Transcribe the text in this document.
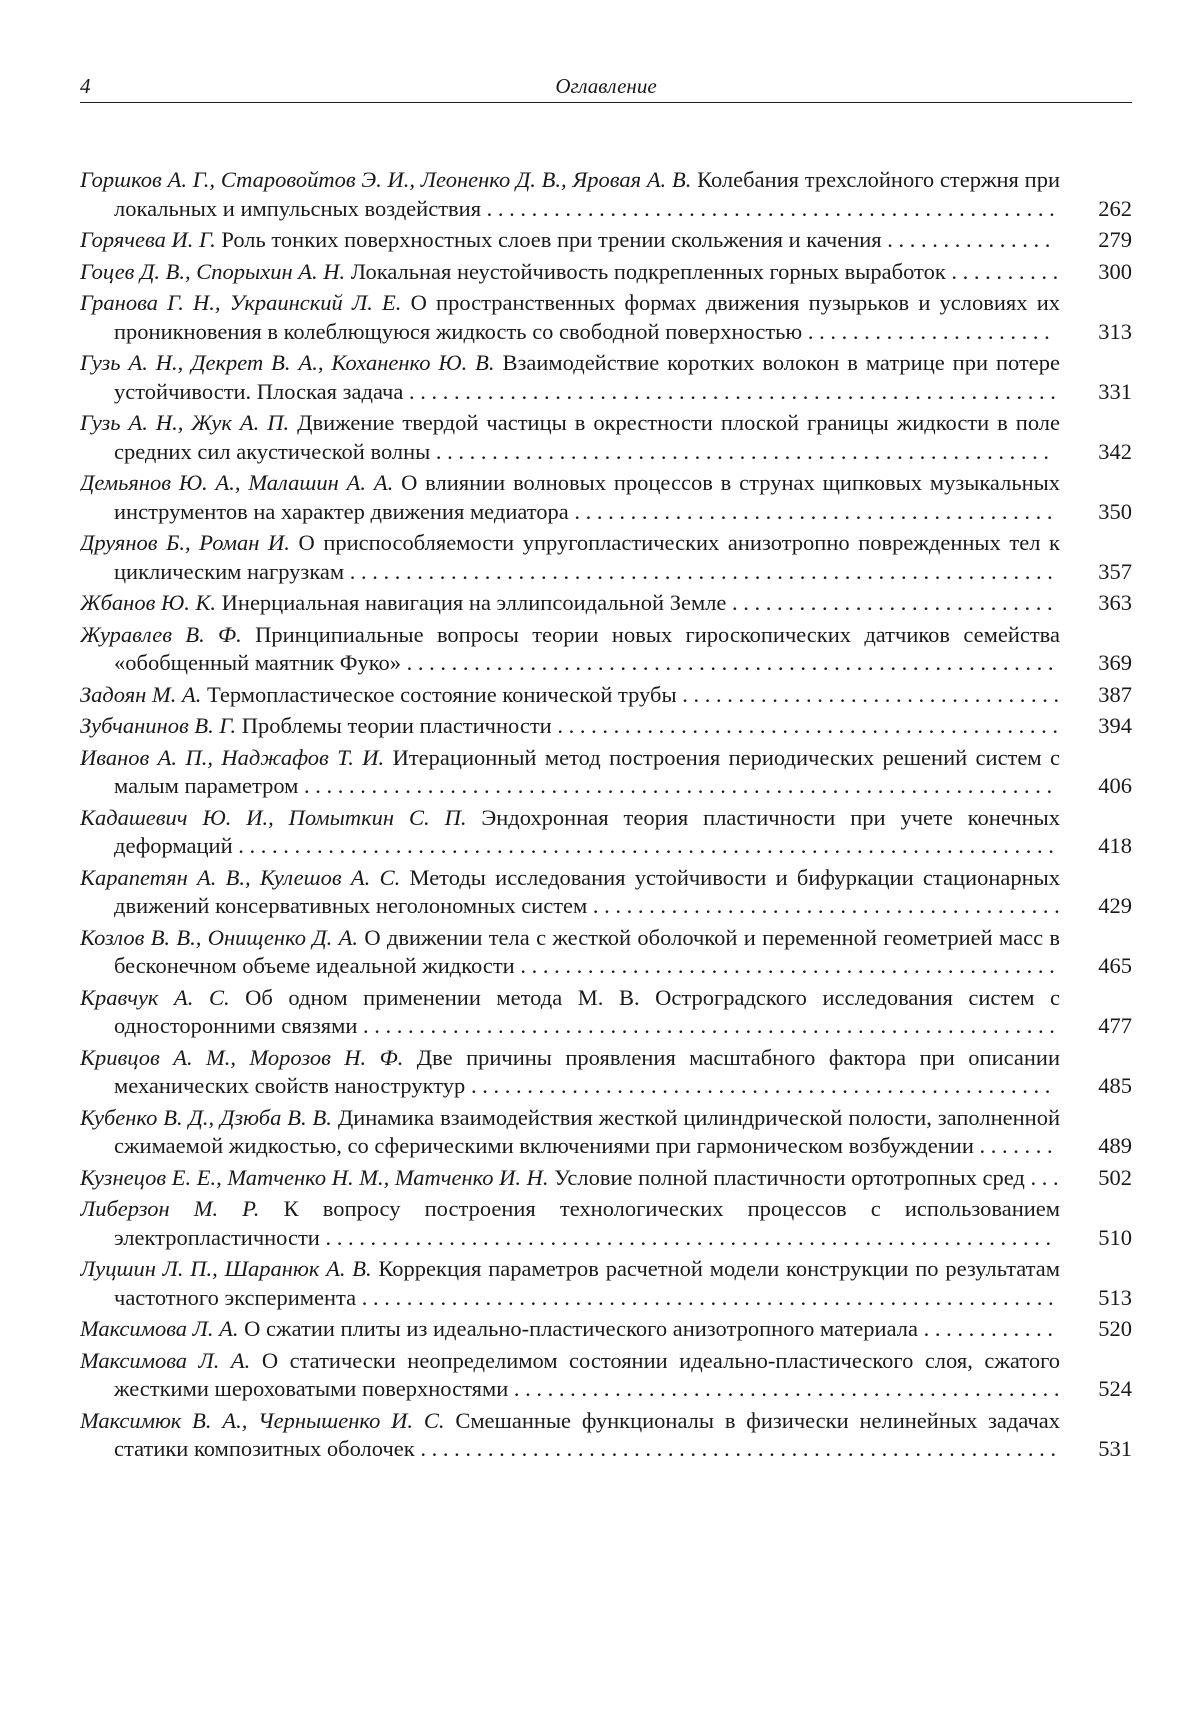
4	Оглавление
Горшков А. Г., Старовойтов Э. И., Леоненко Д. В., Яровая А. В. Колебания трехслойного стержня при локальных и импульсных воздействия . . . . . . . . . . . . . . . . . . . . . . . . . . . . . . . . . . . . . . . . . . . . . . . . . . .	262
Горячева И. Г. Роль тонких поверхностных слоев при трении скольжения и качения . . . . . . . . . . . . . . .	279
Гоцев Д. В., Спорыхин А. Н. Локальная неустойчивость подкрепленных горных выработок . . . . . . . . . .	300
Гранова Г. Н., Украинский Л. Е. О пространственных формах движения пузырьков и условиях их проникновения в колеблющуюся жидкость со свободной поверхностью . . . . . . . . . . . . . . . . . . . . . .	313
Гузь А. Н., Декрет В. А., Коханенко Ю. В. Взаимодействие коротких волокон в матрице при потере устойчивости. Плоская задача . . . . . . . . . . . . . . . . . . . . . . . . . . . . . . . . . . . . . . . . . . . . . . . . . . . . . . . . . .	331
Гузь А. Н., Жук А. П. Движение твердой частицы в окрестности плоской границы жидкости в поле средних сил акустической волны . . . . . . . . . . . . . . . . . . . . . . . . . . . . . . . . . . . . . . . . . . . . . . . . . . . . . . .	342
Демьянов Ю. А., Малашин А. А. О влиянии волновых процессов в струнах щипковых музыкальных инструментов на характер движения медиатора . . . . . . . . . . . . . . . . . . . . . . . . . . . . . . . . . . . . . . . . . . .	350
Друянов Б., Роман И. О приспособляемости упругопластических анизотропно поврежденных тел к циклическим нагрузкам . . . . . . . . . . . . . . . . . . . . . . . . . . . . . . . . . . . . . . . . . . . . . . . . . . . . . . . . . . . . . . .	357
Жбанов Ю. К. Инерциальная навигация на эллипсоидальной Земле . . . . . . . . . . . . . . . . . . . . . . . . . . . . .	363
Журавлев В. Ф. Принципиальные вопросы теории новых гироскопических датчиков семейства «обобщенный маятник Фуко» . . . . . . . . . . . . . . . . . . . . . . . . . . . . . . . . . . . . . . . . . . . . . . . . . . . . . . . . . .	369
Задоян М. А. Термопластическое состояние конической трубы . . . . . . . . . . . . . . . . . . . . . . . . . . . . . . . . . .	387
Зубчанинов В. Г. Проблемы теории пластичности . . . . . . . . . . . . . . . . . . . . . . . . . . . . . . . . . . . . . . . . . . . . .	394
Иванов А. П., Наджафов Т. И. Итерационный метод построения периодических решений систем с малым параметром . . . . . . . . . . . . . . . . . . . . . . . . . . . . . . . . . . . . . . . . . . . . . . . . . . . . . . . . . . . . . . . . . . .	406
Кадашевич Ю. И., Помыткин С. П. Эндохронная теория пластичности при учете конечных деформаций . . . . . . . . . . . . . . . . . . . . . . . . . . . . . . . . . . . . . . . . . . . . . . . . . . . . . . . . . . . . . . . . . . . . . . . . .	418
Карапетян А. В., Кулешов А. С. Методы исследования устойчивости и бифуркации стационарных движений консервативных неголономных систем . . . . . . . . . . . . . . . . . . . . . . . . . . . . . . . . . . . . . . . . . .	429
Козлов В. В., Онищенко Д. А. О движении тела с жесткой оболочкой и переменной геометрией масс в бесконечном объеме идеальной жидкости . . . . . . . . . . . . . . . . . . . . . . . . . . . . . . . . . . . . . . . . . . . . . . . .	465
Кравчук А. С. Об одном применении метода М. В. Остроградского исследования систем с односторонними связями . . . . . . . . . . . . . . . . . . . . . . . . . . . . . . . . . . . . . . . . . . . . . . . . . . . . . . . . . . . . . .	477
Кривцов А. М., Морозов Н. Ф. Две причины проявления масштабного фактора при описании механических свойств наноструктур . . . . . . . . . . . . . . . . . . . . . . . . . . . . . . . . . . . . . . . . . . . . . . . . . . . .	485
Кубенко В. Д., Дзюба В. В. Динамика взаимодействия жесткой цилиндрической полости, заполненной сжимаемой жидкостью, со сферическими включениями при гармоническом возбуждении . . . . . . .	489
Кузнецов Е. Е., Матченко Н. М., Матченко И. Н. Условие полной пластичности ортотропных сред . . .	502
Либерзон М. Р. К вопросу построения технологических процессов с использованием электропластичности . . . . . . . . . . . . . . . . . . . . . . . . . . . . . . . . . . . . . . . . . . . . . . . . . . . . . . . . . . . . . . . . .	510
Луцшин Л. П., Шаранюк А. В. Коррекция параметров расчетной модели конструкции по результатам частотного эксперимента . . . . . . . . . . . . . . . . . . . . . . . . . . . . . . . . . . . . . . . . . . . . . . . . . . . . . . . . . . . . . .	513
Максимова Л. А. О сжатии плиты из идеально-пластического анизотропного материала . . . . . . . . . . . .	520
Максимова Л. А. О статически неопределимом состоянии идеально-пластического слоя, сжатого жесткими шероховатыми поверхностями . . . . . . . . . . . . . . . . . . . . . . . . . . . . . . . . . . . . . . . . . . . . . . . . .	524
Максимюк В. А., Чернышенко И. С. Смешанные функционалы в физически нелинейных задачах статики композитных оболочек . . . . . . . . . . . . . . . . . . . . . . . . . . . . . . . . . . . . . . . . . . . . . . . . . . . . . . . . .	531
